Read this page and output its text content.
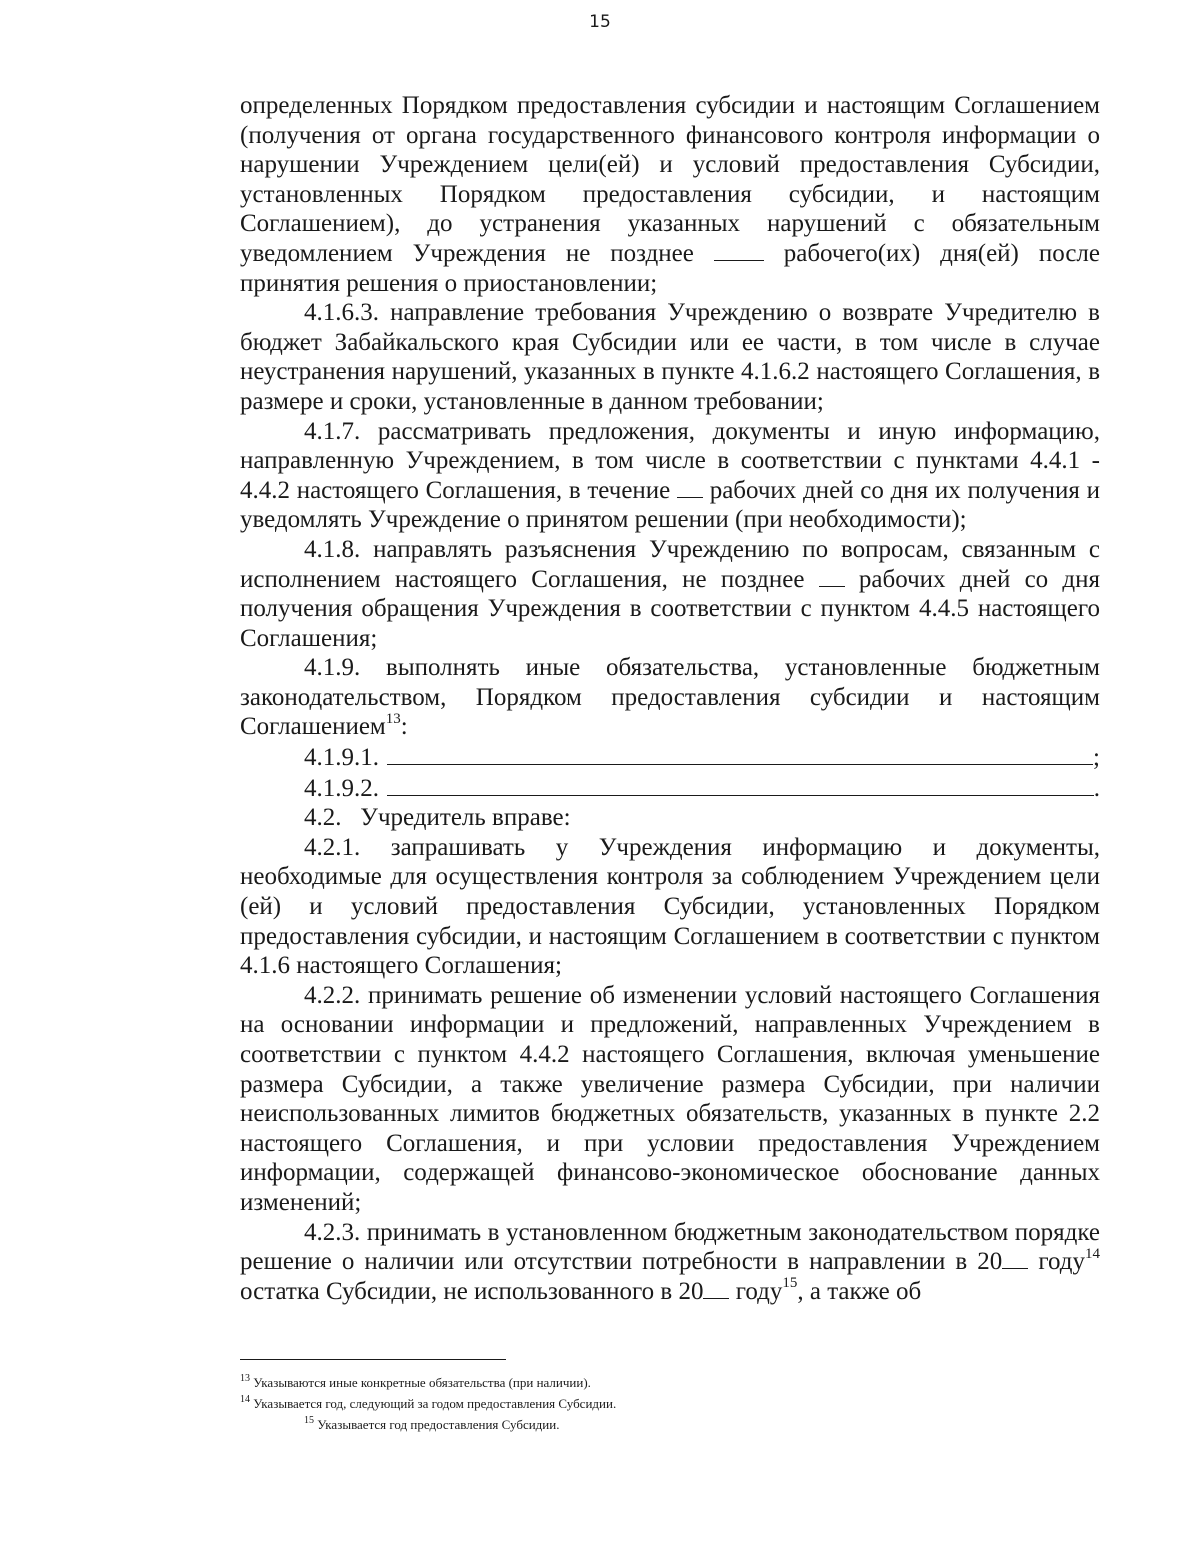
15

определенных Порядком предоставления субсидии и настоящим Соглашением (получения от органа государственного финансового контроля информации о нарушении Учреждением цели(ей) и условий предоставления Субсидии, установленных Порядком предоставления субсидии, и настоящим Соглашением), до устранения указанных нарушений с обязательным уведомлением Учреждения не позднее	рабочего(их) дня(ей) после принятия решения о приостановлении;

4.1.6.3. направление требования Учреждению о возврате Учредителю в бюджет Забайкальского края Субсидии или ее части, в том числе в случае неустранения нарушений, указанных в пункте 4.1.6.2 настоящего Соглашения, в размере и сроки, установленные в данном требовании;

4.1.7. рассматривать предложения, документы и иную информацию, направленную Учреждением, в том числе в соответствии с пунктами 4.4.1 - 4.4.2 настоящего Соглашения, в течение рабочих дней со дня их получения и уведомлять Учреждение о принятом решении (при необходимости);

4.1.8. направлять разъяснения Учреждению по вопросам, связанным с исполнением настоящего Соглашения, не позднее рабочих дней со дня получения обращения Учреждения в соответствии с пунктом 4.4.5 настоящего Соглашения;

4.1.9. выполнять иные обязательства, установленные бюджетным законодательством, Порядком предоставления субсидии и настоящим Соглашением$^{13}$:

4.1.9.1.	;
4.1.9.2.	.

4.2.   Учредитель вправе:

4.2.1. запрашивать у Учреждения информацию и документы, необходимые для осуществления контроля за соблюдением Учреждением цели (ей) и условий предоставления Субсидии, установленных Порядком предоставления субсидии, и настоящим Соглашением в соответствии с пунктом 4.1.6 настоящего Соглашения;

4.2.2. принимать решение об изменении условий настоящего Соглашения на основании информации и предложений, направленных Учреждением в соответствии с пунктом 4.4.2 настоящего Соглашения, включая уменьшение размера Субсидии, а также увеличение размера Субсидии, при наличии неиспользованных лимитов бюджетных обязательств, указанных в пункте 2.2 настоящего Соглашения, и при условии предоставления Учреждением информации, содержащей финансово-экономическое обоснование данных изменений;

4.2.3. принимать в установленном бюджетным законодательством порядке решение о наличии или отсутствии потребности в направлении в 20 году$^{14}$ остатка Субсидии, не использованного в 20 году$^{15}$, а также об

$^{13}$ Указываются иные конкретные обязательства (при наличии).

$^{14}$ Указывается год, следующий за годом предоставления Субсидии.

$^{15}$ Указывается год предоставления Субсидии.
